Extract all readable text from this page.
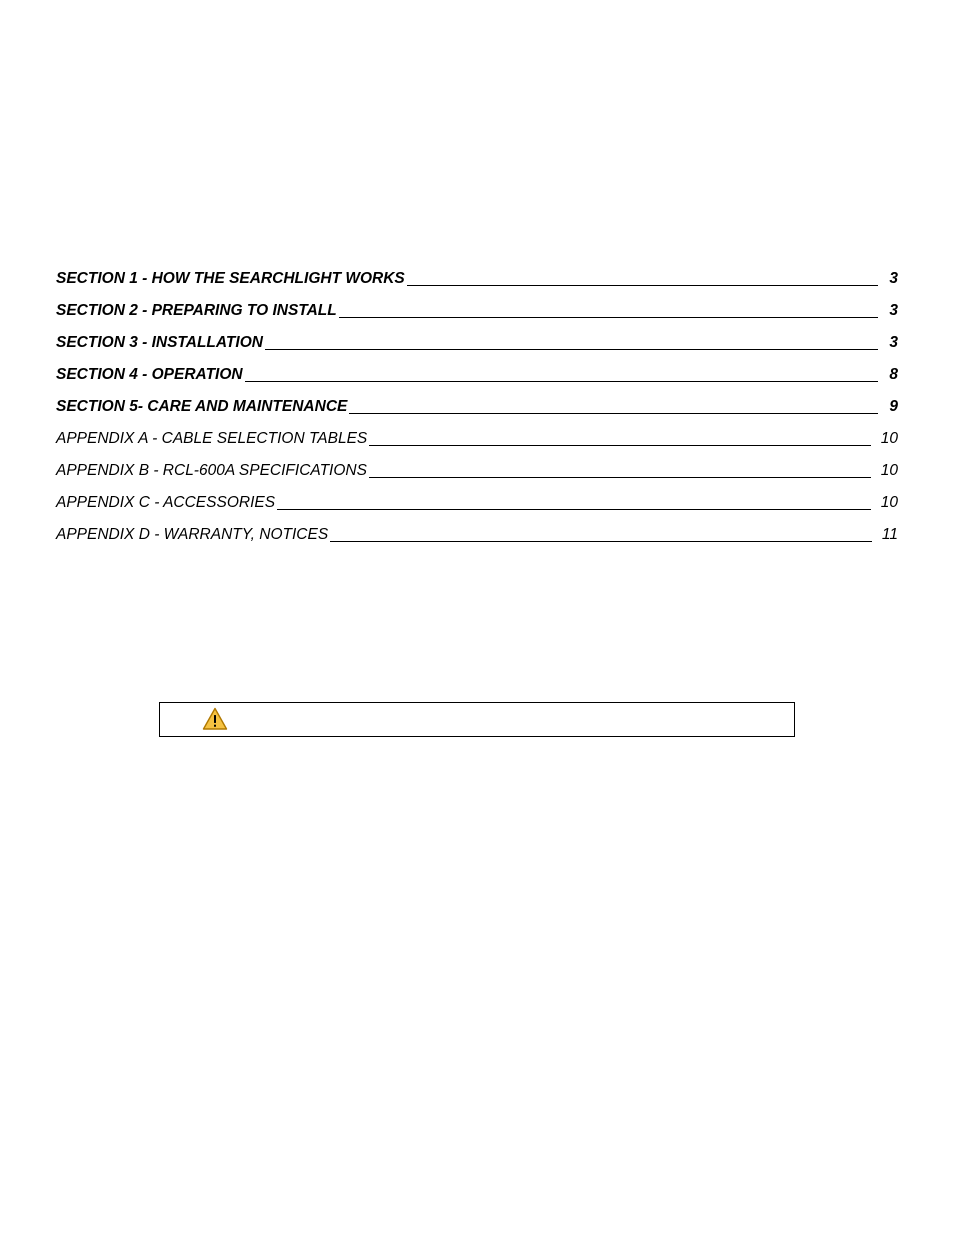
SECTION 1 - HOW THE SEARCHLIGHT WORKS	3
SECTION 2 - PREPARING TO INSTALL	3
SECTION 3 - INSTALLATION	3
SECTION 4 - OPERATION	8
SECTION 5- CARE AND MAINTENANCE	9
APPENDIX A - CABLE SELECTION TABLES	10
APPENDIX B - RCL-600A SPECIFICATIONS	10
APPENDIX C - ACCESSORIES	10
APPENDIX D - WARRANTY, NOTICES	11
